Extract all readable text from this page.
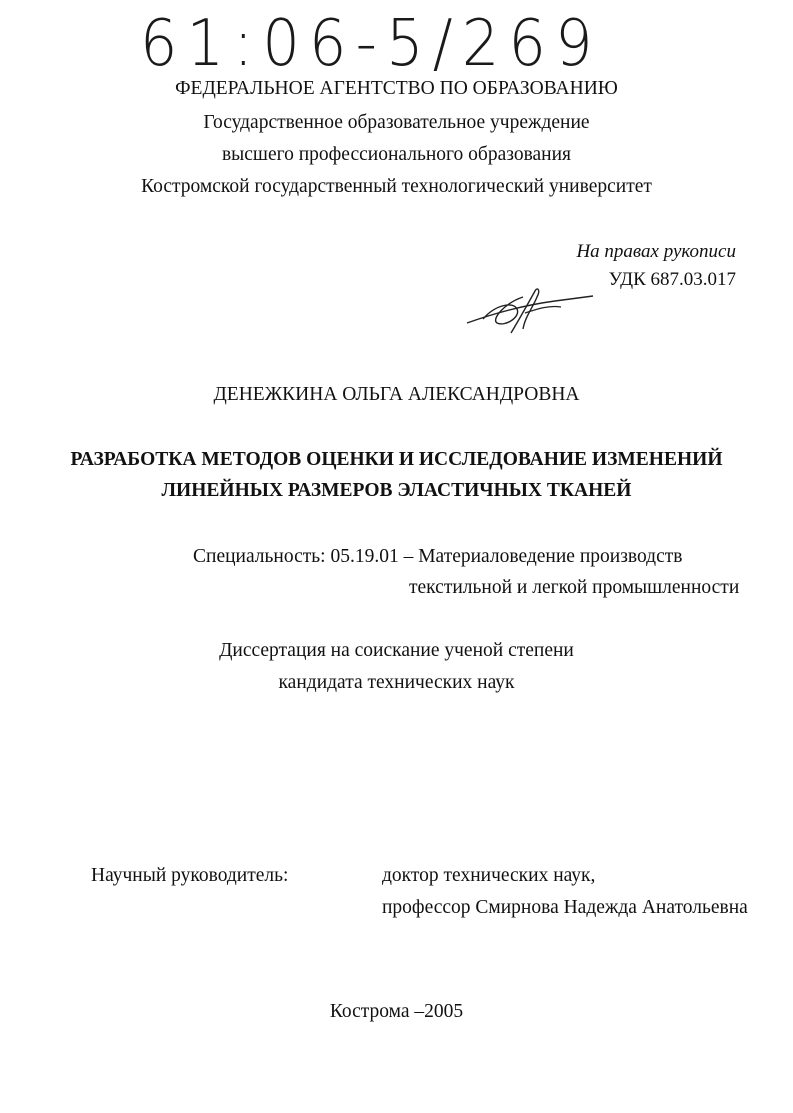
61:06-5/269
ФЕДЕРАЛЬНОЕ АГЕНТСТВО ПО ОБРАЗОВАНИЮ
Государственное образовательное учреждение
высшего профессионального образования
Костромской государственный технологический университет
На правах рукописи
УДК 687.03.017
ДЕНЕЖКИНА ОЛЬГА АЛЕКСАНДРОВНА
РАЗРАБОТКА МЕТОДОВ ОЦЕНКИ И ИССЛЕДОВАНИЕ ИЗМЕНЕНИЙ
ЛИНЕЙНЫХ РАЗМЕРОВ ЭЛАСТИЧНЫХ ТКАНЕЙ
Специальность: 05.19.01 – Материаловедение производств
текстильной и легкой промышленности
Диссертация на соискание ученой степени
кандидата технических наук
Научный руководитель:	доктор технических наук,
профессор Смирнова Надежда Анатольевна
Кострома –2005
